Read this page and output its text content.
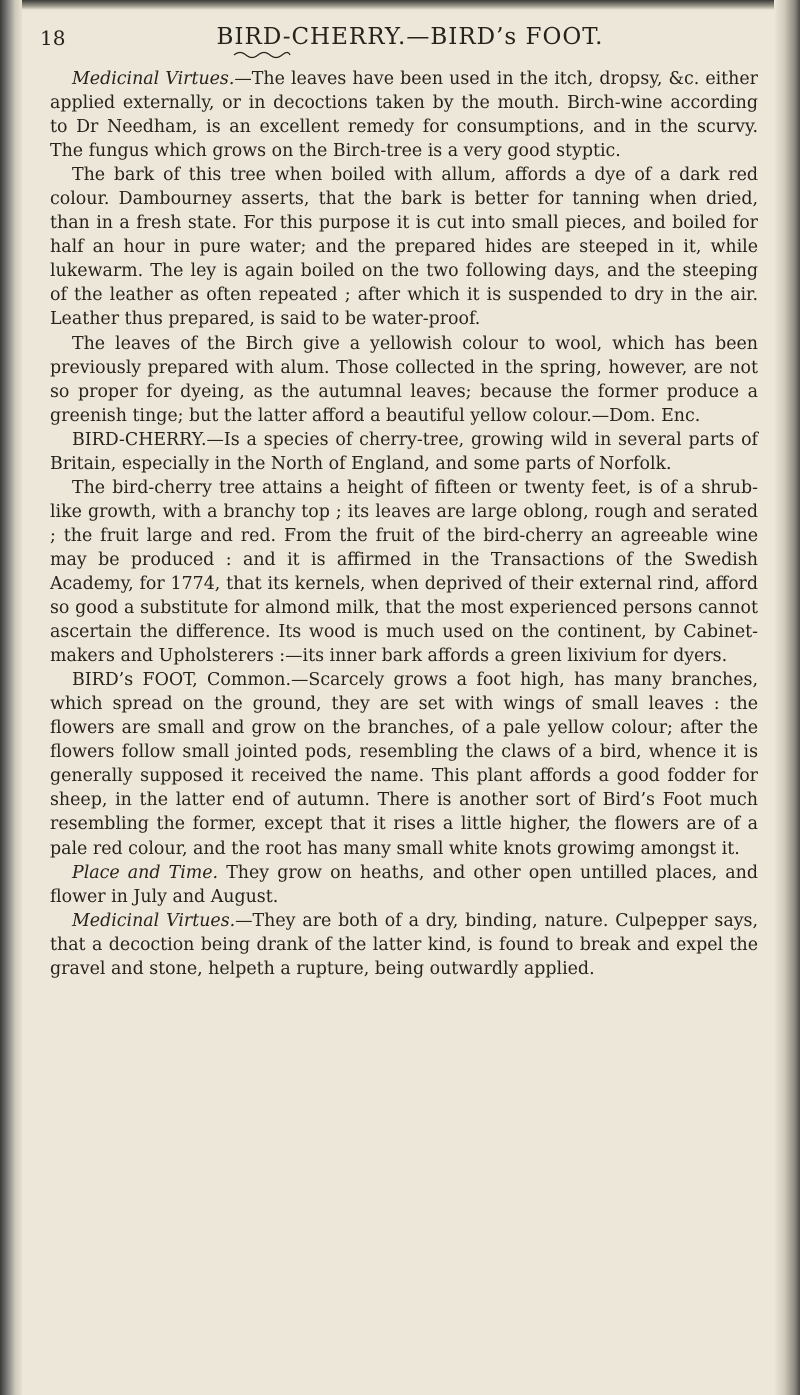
18	BIRD-CHERRY.—BIRD’s FOOT.

Medicinal Virtues.—The leaves have been used in the itch, dropsy, &c. either applied externally, or in decoctions taken by the mouth. Birch-wine according to Dr Needham, is an excellent remedy for consumptions, and in the scurvy. The fungus which grows on the Birch-tree is a very good styptic.

The bark of this tree when boiled with allum, affords a dye of a dark red colour. Dambourney asserts, that the bark is better for tanning when dried, than in a fresh state. For this purpose it is cut into small pieces, and boiled for half an hour in pure water; and the prepared hides are steeped in it, while lukewarm. The ley is again boiled on the two following days, and the steeping of the leather as often repeated ; after which it is suspended to dry in the air. Leather thus prepared, is said to be water-proof.

The leaves of the Birch give a yellowish colour to wool, which has been previously prepared with alum. Those collected in the spring, however, are not so proper for dyeing, as the autumnal leaves; because the former produce a greenish tinge; but the latter afford a beautiful yellow colour.—Dom. Enc.

BIRD-CHERRY.—Is a species of cherry-tree, growing wild in several parts of Britain, especially in the North of England, and some parts of Norfolk.

The bird-cherry tree attains a height of fifteen or twenty feet, is of a shrub-like growth, with a branchy top ; its leaves are large oblong, rough and serated ; the fruit large and red. From the fruit of the bird-cherry an agreeable wine may be produced : and it is affirmed in the Transactions of the Swedish Academy, for 1774, that its kernels, when deprived of their external rind, afford so good a substitute for almond milk, that the most experienced persons cannot ascertain the difference. Its wood is much used on the continent, by Cabinet-makers and Upholsterers :—its inner bark affords a green lixivium for dyers.

BIRD’s FOOT, Common.—Scarcely grows a foot high, has many branches, which spread on the ground, they are set with wings of small leaves : the flowers are small and grow on the branches, of a pale yellow colour; after the flowers follow small jointed pods, resembling the claws of a bird, whence it is generally supposed it received the name. This plant affords a good fodder for sheep, in the latter end of autumn. There is another sort of Bird’s Foot much resembling the former, except that it rises a little higher, the flowers are of a pale red colour, and the root has many small white knots growimg amongst it.

Place and Time. They grow on heaths, and other open untilled places, and flower in July and August.

Medicinal Virtues.—They are both of a dry, binding, nature. Culpepper says, that a decoction being drank of the latter kind, is found to break and expel the gravel and stone, helpeth a rupture, being outwardly applied.
